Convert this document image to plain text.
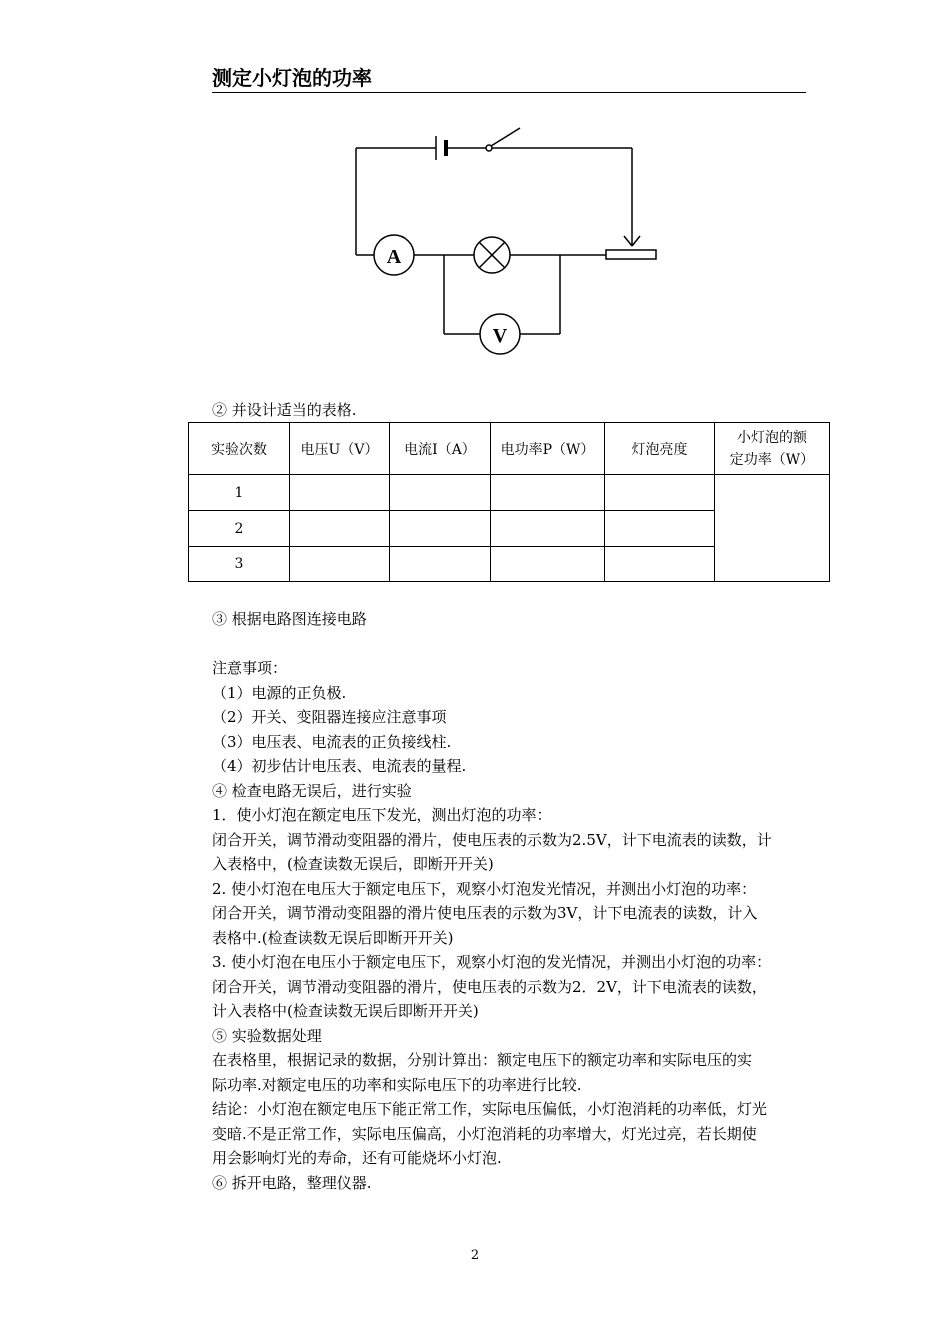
测定小灯泡的功率
A
V
② 并设计适当的表格.
实验次数	电压U（V）	电流I（A）	电功率P（W）	灯泡亮度	小灯泡的额
定功率（W）

1					
2					
3					
③ 根据电路图连接电路
注意事项：
（1）电源的正负极.
（2）开关、变阻器连接应注意事项
（3）电压表、电流表的正负接线柱.
（4）初步估计电压表、电流表的量程.
④ 检查电路无误后，进行实验
1．使小灯泡在额定电压下发光，测出灯泡的功率：
闭合开关，调节滑动变阻器的滑片，使电压表的示数为2.5V，计下电流表的读数，计
入表格中，(检查读数无误后，即断开开关)
2. 使小灯泡在电压大于额定电压下，观察小灯泡发光情况，并测出小灯泡的功率：
闭合开关，调节滑动变阻器的滑片使电压表的示数为3V，计下电流表的读数，计入
表格中.(检查读数无误后即断开开关)
3. 使小灯泡在电压小于额定电压下，观察小灯泡的发光情况，并测出小灯泡的功率：
闭合开关，调节滑动变阻器的滑片，使电压表的示数为2．2V，计下电流表的读数，
计入表格中(检查读数无误后即断开开关)
⑤ 实验数据处理
在表格里，根据记录的数据，分别计算出：额定电压下的额定功率和实际电压的实
际功率.对额定电压的功率和实际电压下的功率进行比较.
结论：小灯泡在额定电压下能正常工作，实际电压偏低，小灯泡消耗的功率低，灯光
变暗.不是正常工作，实际电压偏高，小灯泡消耗的功率增大，灯光过亮，若长期使
用会影响灯光的寿命，还有可能烧坏小灯泡.
⑥ 拆开电路，整理仪器.
2
